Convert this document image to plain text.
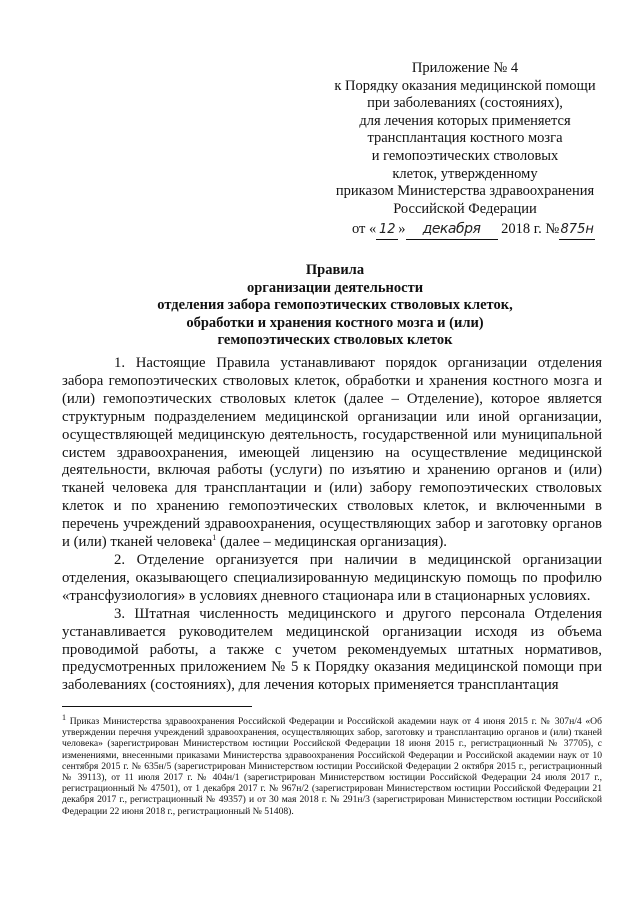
Приложение № 4
к Порядку оказания медицинской помощи
при заболеваниях (состояниях),
для лечения которых применяется
трансплантация костного мозга
и гемопоэтических стволовых
клеток, утвержденному
приказом Министерства здравоохранения
Российской Федерации
от « 12 » декабря 2018 г. №875н
Правила
организации деятельности
отделения забора гемопоэтических стволовых клеток,
обработки и хранения костного мозга и (или)
гемопоэтических стволовых клеток

1. Настоящие Правила устанавливают порядок организации отделения забора гемопоэтических стволовых клеток, обработки и хранения костного мозга и (или) гемопоэтических стволовых клеток (далее – Отделение), которое является структурным подразделением медицинской организации или иной организации, осуществляющей медицинскую деятельность, государственной или муниципальной систем здравоохранения, имеющей лицензию на осуществление медицинской деятельности, включая работы (услуги) по изъятию и хранению органов и (или) тканей человека для трансплантации и (или) забору гемопоэтических стволовых клеток и по хранению гемопоэтических стволовых клеток, и включенными в перечень учреждений здравоохранения, осуществляющих забор и заготовку органов и (или) тканей человека$^1$ (далее – медицинская организация).

2. Отделение организуется при наличии в медицинской организации отделения, оказывающего специализированную медицинскую помощь по профилю «трансфузиология» в условиях дневного стационара или в стационарных условиях.

3. Штатная численность медицинского и другого персонала Отделения устанавливается руководителем медицинской организации исходя из объема проводимой работы, а также с учетом рекомендуемых штатных нормативов, предусмотренных приложением № 5 к Порядку оказания медицинской помощи при заболеваниях (состояниях), для лечения которых применяется трансплантация

$^1$ Приказ Министерства здравоохранения Российской Федерации и Российской академии наук от 4 июня 2015 г. № 307н/4 «Об утверждении перечня учреждений здравоохранения, осуществляющих забор, заготовку и трансплантацию органов и (или) тканей человека» (зарегистрирован Министерством юстиции Российской Федерации 18 июня 2015 г., регистрационный № 37705), с изменениями, внесенными приказами Министерства здравоохранения Российской Федерации и Российской академии наук от 10 сентября 2015 г. № 635н/5 (зарегистрирован Министерством юстиции Российской Федерации 2 октября 2015 г., регистрационный № 39113), от 11 июля 2017 г. № 404н/1 (зарегистрирован Министерством юстиции Российской Федерации 24 июля 2017 г., регистрационный № 47501), от 1 декабря 2017 г. № 967н/2 (зарегистрирован Министерством юстиции Российской Федерации 21 декабря 2017 г., регистрационный № 49357) и от 30 мая 2018 г. № 291н/3 (зарегистрирован Министерством юстиции Российской Федерации 22 июня 2018 г., регистрационный № 51408).
